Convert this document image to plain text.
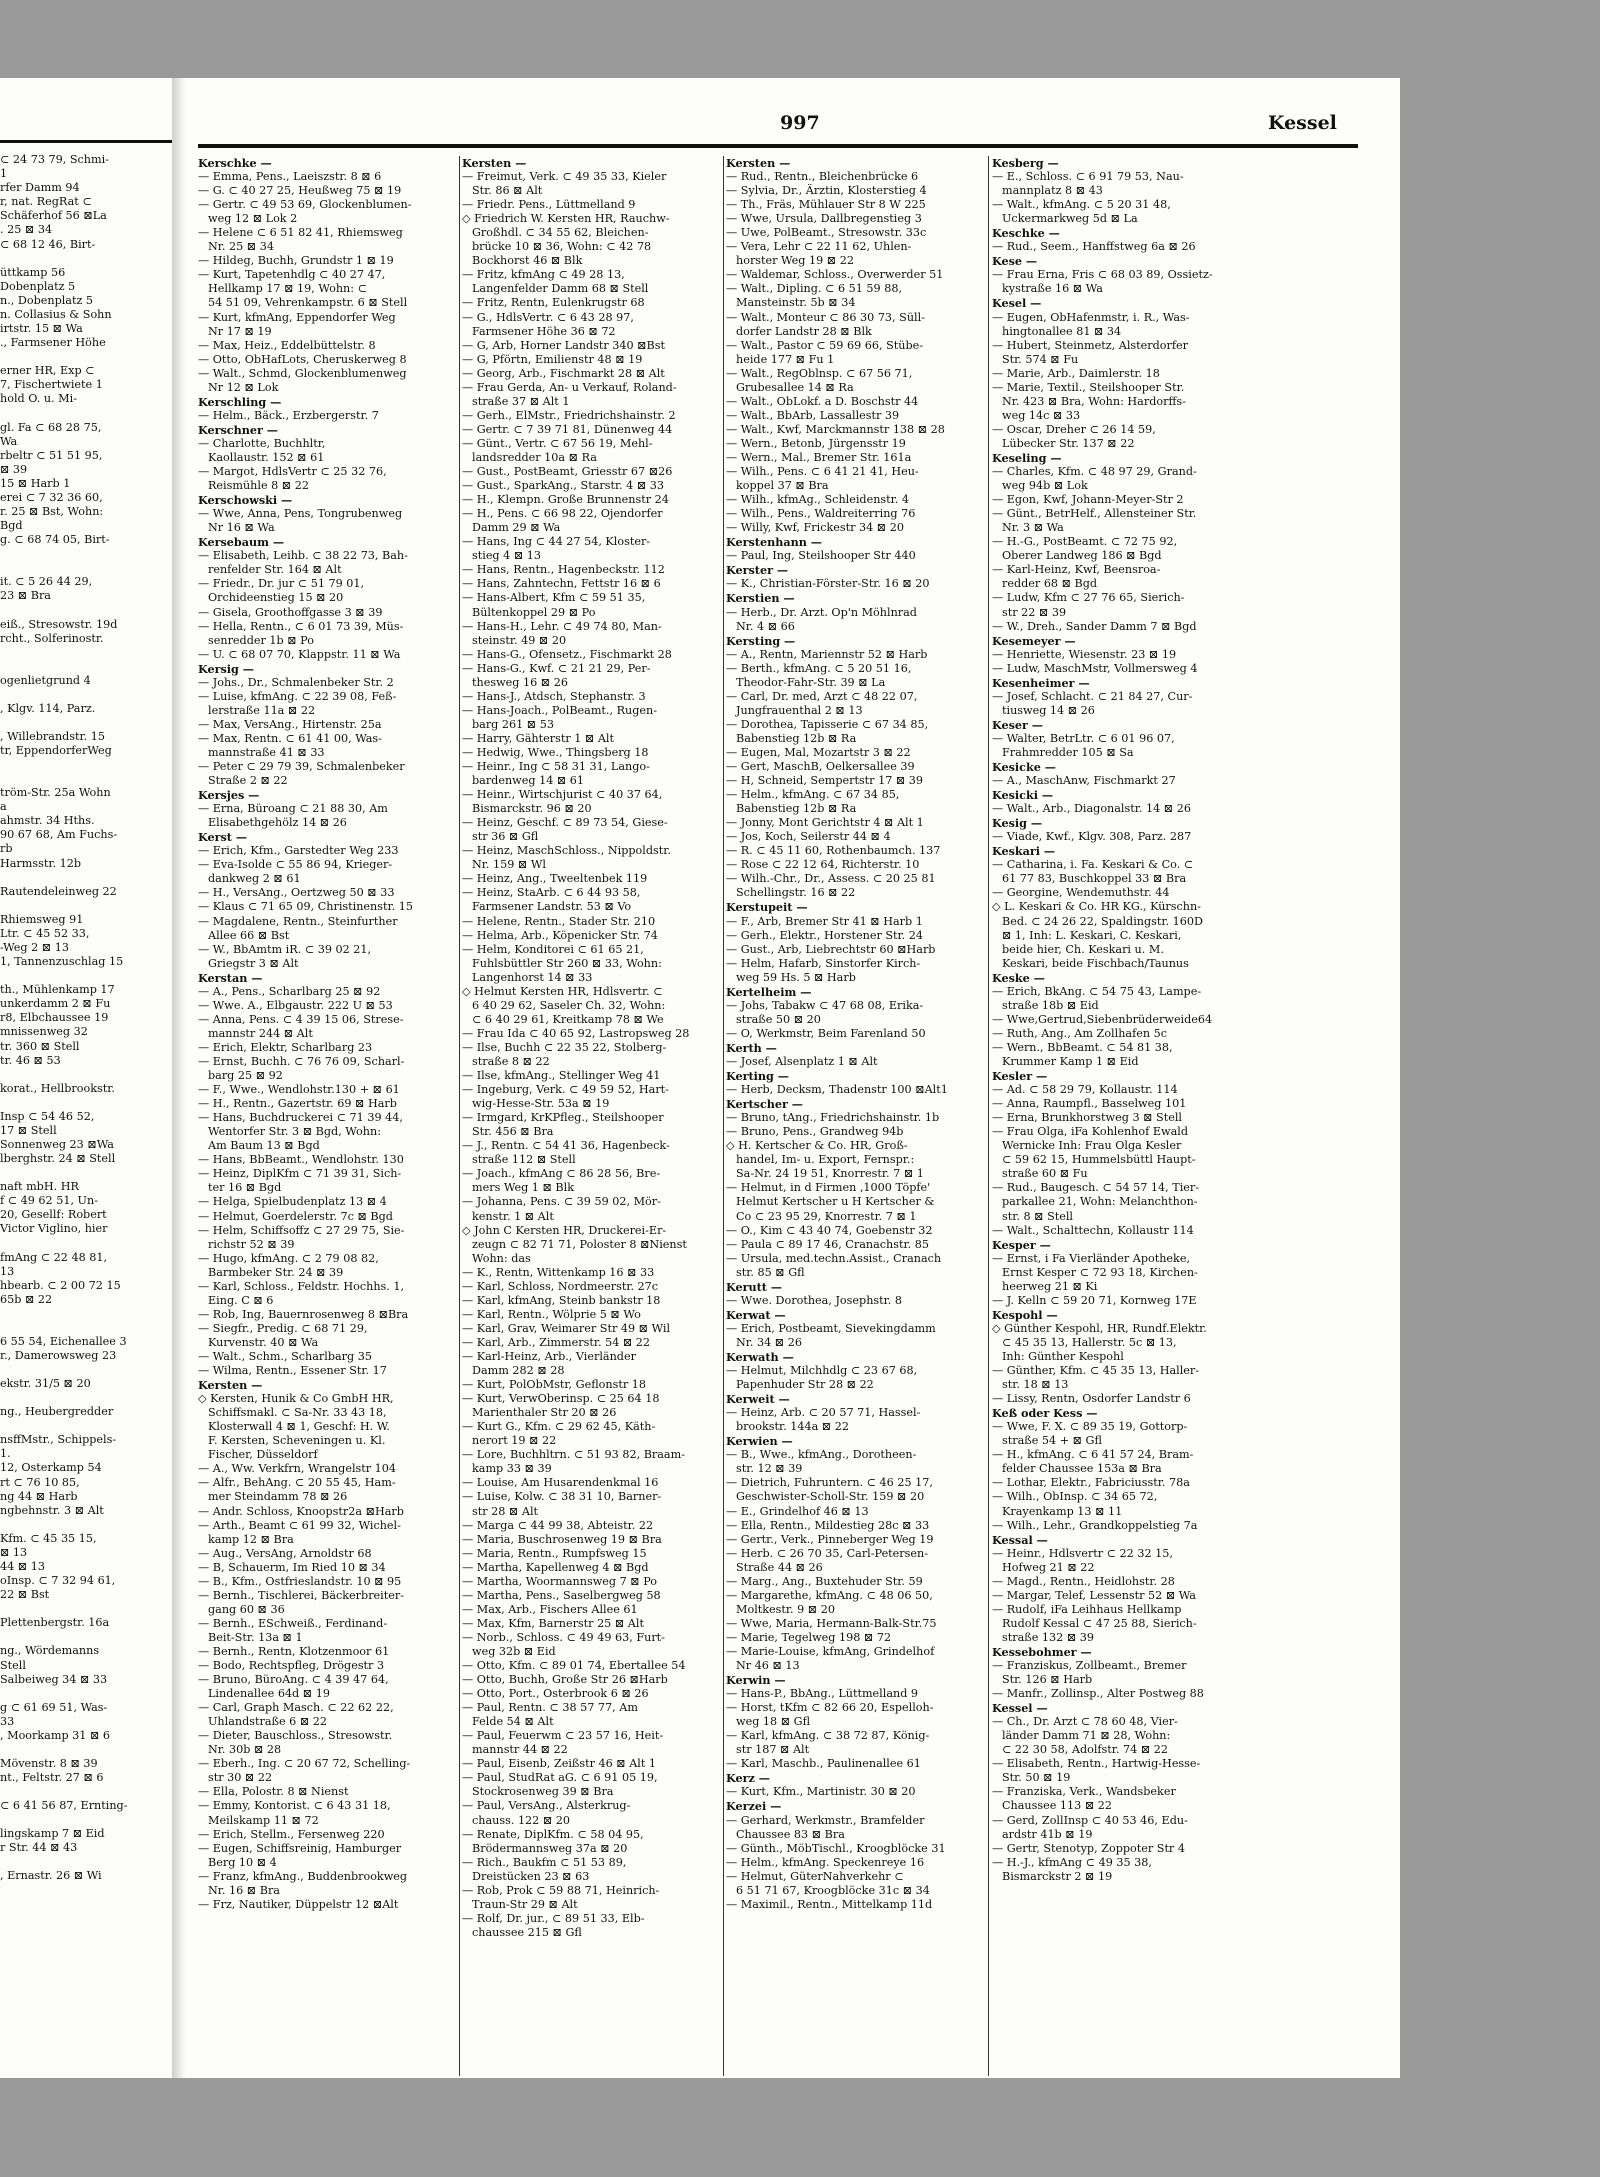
⊂ 24 73 79, Schmi-
1
rfer Damm 94
r, nat. RegRat ⊂
Schäferhof 56 ⊠La
. 25 ⊠ 34
⊂ 68 12 46, Birt-
üttkamp 56
Dobenplatz 5
n., Dobenplatz 5
n. Collasius & Sohn
irtstr. 15 ⊠ Wa
., Farmsener Höhe
erner HR, Exp ⊂
7, Fischertwiete 1
hold O. u. Mi-
gl. Fa ⊂ 68 28 75,
Wa
rbeltr ⊂ 51 51 95,
⊠ 39
15 ⊠ Harb 1
erei ⊂ 7 32 36 60,
r. 25 ⊠ Bst, Wohn:
Bgd
g. ⊂ 68 74 05, Birt-
it. ⊂ 5 26 44 29,
23 ⊠ Bra
eiß., Stresowstr. 19d
rcht., Solferinostr.
ogenlietgrund 4
, Klgv. 114, Parz.
, Willebrandstr. 15
tr, EppendorferWeg
tröm-Str. 25a Wohn
a
ahmstr. 34 Hths.
90 67 68, Am Fuchs-
rb
Harmsstr. 12b
Rautendeleinweg 22
Rhiemsweg 91
Ltr. ⊂ 45 52 33,
-Weg 2 ⊠ 13
1, Tannenzuschlag 15
th., Mühlenkamp 17
unkerdamm 2 ⊠ Fu
r8, Elbchaussee 19
mnissenweg 32
tr. 360 ⊠ Stell
tr. 46 ⊠ 53
korat., Hellbrookstr.
Insp ⊂ 54 46 52,
17 ⊠ Stell
Sonnenweg 23 ⊠Wa
lberghstr. 24 ⊠ Stell
naft mbH. HR
f ⊂ 49 62 51, Un-
20, Gesellf: Robert
Victor Viglino, hier
fmAng ⊂ 22 48 81,
13
hbearb. ⊂ 2 00 72 15
65b ⊠ 22
6 55 54, Eichenallee 3
r., Damerowsweg 23
ekstr. 31/5 ⊠ 20
ng., Heubergredder
nsffMstr., Schippels-
1.
12, Osterkamp 54
rt ⊂ 76 10 85,
ng 44 ⊠ Harb
ngbehnstr. 3 ⊠ Alt
Kfm. ⊂ 45 35 15,
⊠ 13
44 ⊠ 13
oInsp. ⊂ 7 32 94 61,
22 ⊠ Bst
Plettenbergstr. 16a
ng., Wördemanns
Stell
Salbeiweg 34 ⊠ 33
g ⊂ 61 69 51, Was-
33
, Moorkamp 31 ⊠ 6
Mövenstr. 8 ⊠ 39
nt., Feltstr. 27 ⊠ 6
⊂ 6 41 56 87, Ernting-
lingskamp 7 ⊠ Eid
r Str. 44 ⊠ 43
, Ernastr. 26 ⊠ Wi
997	Kessel
Kerschke —
— Emma, Pens., Laeiszstr. 8 ⊠ 6
— G. ⊂ 40 27 25, Heußweg 75 ⊠ 19
— Gertr. ⊂ 49 53 69, Glockenblumen-
weg 12 ⊠ Lok 2
— Helene ⊂ 6 51 82 41, Rhiemsweg
Nr. 25 ⊠ 34
— Hildeg, Buchh, Grundstr 1 ⊠ 19
— Kurt, Tapetenhdlg ⊂ 40 27 47,
Hellkamp 17 ⊠ 19, Wohn: ⊂
54 51 09, Vehrenkampstr. 6 ⊠ Stell
— Kurt, kfmAng, Eppendorfer Weg
Nr 17 ⊠ 19
— Max, Heiz., Eddelbüttelstr. 8
— Otto, ObHafLots, Cheruskerweg 8
— Walt., Schmd, Glockenblumenweg
Nr 12 ⊠ Lok
Kerschling —
— Helm., Bäck., Erzbergerstr. 7
Kerschner —
— Charlotte, Buchhltr,
Kaollaustr. 152 ⊠ 61
— Margot, HdlsVertr ⊂ 25 32 76,
Reismühle 8 ⊠ 22
Kerschowski —
— Wwe, Anna, Pens, Tongrubenweg
Nr 16 ⊠ Wa
Kersebaum —
— Elisabeth, Leihb. ⊂ 38 22 73, Bah-
renfelder Str. 164 ⊠ Alt
— Friedr., Dr. jur ⊂ 51 79 01,
Orchideenstieg 15 ⊠ 20
— Gisela, Groothoffgasse 3 ⊠ 39
— Hella, Rentn., ⊂ 6 01 73 39, Müs-
senredder 1b ⊠ Po
— U. ⊂ 68 07 70, Klappstr. 11 ⊠ Wa
Kersig —
— Johs., Dr., Schmalenbeker Str. 2
— Luise, kfmAng. ⊂ 22 39 08, Feß-
lerstraße 11a ⊠ 22
— Max, VersAng., Hirtenstr. 25a
— Max, Rentn. ⊂ 61 41 00, Was-
mannstraße 41 ⊠ 33
— Peter ⊂ 29 79 39, Schmalenbeker
Straße 2 ⊠ 22
Kersjes —
— Erna, Büroang ⊂ 21 88 30, Am
Elisabethgehölz 14 ⊠ 26
Kerst —
— Erich, Kfm., Garstedter Weg 233
— Eva-Isolde ⊂ 55 86 94, Krieger-
dankweg 2 ⊠ 61
— H., VersAng., Oertzweg 50 ⊠ 33
— Klaus ⊂ 71 65 09, Christinenstr. 15
— Magdalene, Rentn., Steinfurther
Allee 66 ⊠ Bst
— W., BbAmtm iR. ⊂ 39 02 21,
Griegstr 3 ⊠ Alt
Kerstan —
— A., Pens., Scharlbarg 25 ⊠ 92
— Wwe. A., Elbgaustr. 222 U ⊠ 53
— Anna, Pens. ⊂ 4 39 15 06, Strese-
mannstr 244 ⊠ Alt
— Erich, Elektr, Scharlbarg 23
— Ernst, Buchh. ⊂ 76 76 09, Scharl-
barg 25 ⊠ 92
— F., Wwe., Wendlohstr.130 + ⊠ 61
— H., Rentn., Gazertstr. 69 ⊠ Harb
— Hans, Buchdruckerei ⊂ 71 39 44,
Wentorfer Str. 3 ⊠ Bgd, Wohn:
Am Baum 13 ⊠ Bgd
— Hans, BbBeamt., Wendlohstr. 130
— Heinz, DiplKfm ⊂ 71 39 31, Sich-
ter 16 ⊠ Bgd
— Helga, Spielbudenplatz 13 ⊠ 4
— Helmut, Goerdelerstr. 7c ⊠ Bgd
— Helm, Schiffsoffz ⊂ 27 29 75, Sie-
richstr 52 ⊠ 39
— Hugo, kfmAng. ⊂ 2 79 08 82,
Barmbeker Str. 24 ⊠ 39
— Karl, Schloss., Feldstr. Hochhs. 1,
Eing. C ⊠ 6
— Rob, Ing, Bauernrosenweg 8 ⊠Bra
— Siegfr., Predig. ⊂ 68 71 29,
Kurvenstr. 40 ⊠ Wa
— Walt., Schm., Scharlbarg 35
— Wilma, Rentn., Essener Str. 17
Kersten —
◇ Kersten, Hunik & Co GmbH HR,
Schiffsmakl. ⊂ Sa-Nr. 33 43 18,
Klosterwall 4 ⊠ 1, Geschf: H. W.
F. Kersten, Scheveningen u. Kl.
Fischer, Düsseldorf
— A., Ww. Verkfrn, Wrangelstr 104
— Alfr., BehAng. ⊂ 20 55 45, Ham-
mer Steindamm 78 ⊠ 26
— Andr. Schloss, Knoopstr2a ⊠Harb
— Arth., Beamt ⊂ 61 99 32, Wichel-
kamp 12 ⊠ Bra
— Aug., VersAng, Arnoldstr 68
— B, Schauerm, Im Ried 10 ⊠ 34
— B., Kfm., Ostfrieslandstr. 10 ⊠ 95
— Bernh., Tischlerei, Bäckerbreiter-
gang 60 ⊠ 36
— Bernh., ESchweiß., Ferdinand-
Beit-Str. 13a ⊠ 1
— Bernh., Rentn, Klotzenmoor 61
— Bodo, Rechtspfleg, Drögestr 3
— Bruno, BüroAng. ⊂ 4 39 47 64,
Lindenallee 64d ⊠ 19
— Carl, Graph Masch. ⊂ 22 62 22,
Uhlandstraße 6 ⊠ 22
— Dieter, Bauschloss., Stresowstr.
Nr. 30b ⊠ 28
— Eberh., Ing. ⊂ 20 67 72, Schelling-
str 30 ⊠ 22
— Ella, Polostr. 8 ⊠ Nienst
— Emmy, Kontorist. ⊂ 6 43 31 18,
Meilskamp 11 ⊠ 72
— Erich, Stellm., Fersenweg 220
— Eugen, Schiffsreinig, Hamburger
Berg 10 ⊠ 4
— Franz, kfmAng., Buddenbrookweg
Nr. 16 ⊠ Bra
— Frz, Nautiker, Düppelstr 12 ⊠Alt
Kersten —
— Freimut, Verk. ⊂ 49 35 33, Kieler
Str. 86 ⊠ Alt
— Friedr. Pens., Lüttmelland 9
◇ Friedrich W. Kersten HR, Rauchw-
Großhdl. ⊂ 34 55 62, Bleichen-
brücke 10 ⊠ 36, Wohn: ⊂ 42 78
Bockhorst 46 ⊠ Blk
— Fritz, kfmAng ⊂ 49 28 13,
Langenfelder Damm 68 ⊠ Stell
— Fritz, Rentn, Eulenkrugstr 68
— G., HdlsVertr. ⊂ 6 43 28 97,
Farmsener Höhe 36 ⊠ 72
— G, Arb, Horner Landstr 340 ⊠Bst
— G, Pförtn, Emilienstr 48 ⊠ 19
— Georg, Arb., Fischmarkt 28 ⊠ Alt
— Frau Gerda, An- u Verkauf, Roland-
straße 37 ⊠ Alt 1
— Gerh., ElMstr., Friedrichshainstr. 2
— Gertr. ⊂ 7 39 71 81, Dünenweg 44
— Günt., Vertr. ⊂ 67 56 19, Mehl-
landsredder 10a ⊠ Ra
— Gust., PostBeamt, Griesstr 67 ⊠26
— Gust., SparkAng., Starstr. 4 ⊠ 33
— H., Klempn. Große Brunnenstr 24
— H., Pens. ⊂ 66 98 22, Ojendorfer
Damm 29 ⊠ Wa
— Hans, Ing ⊂ 44 27 54, Kloster-
stieg 4 ⊠ 13
— Hans, Rentn., Hagenbeckstr. 112
— Hans, Zahntechn, Fettstr 16 ⊠ 6
— Hans-Albert, Kfm ⊂ 59 51 35,
Bültenkoppel 29 ⊠ Po
— Hans-H., Lehr. ⊂ 49 74 80, Man-
steinstr. 49 ⊠ 20
— Hans-G., Ofensetz., Fischmarkt 28
— Hans-G., Kwf. ⊂ 21 21 29, Per-
thesweg 16 ⊠ 26
— Hans-J., Atdsch, Stephanstr. 3
— Hans-Joach., PolBeamt., Rugen-
barg 261 ⊠ 53
— Harry, Gähterstr 1 ⊠ Alt
— Hedwig, Wwe., Thingsberg 18
— Heinr., Ing ⊂ 58 31 31, Lango-
bardenweg 14 ⊠ 61
— Heinr., Wirtschjurist ⊂ 40 37 64,
Bismarckstr. 96 ⊠ 20
— Heinz, Geschf. ⊂ 89 73 54, Giese-
str 36 ⊠ Gfl
— Heinz, MaschSchloss., Nippoldstr.
Nr. 159 ⊠ Wl
— Heinz, Ang., Tweeltenbek 119
— Heinz, StaArb. ⊂ 6 44 93 58,
Farmsener Landstr. 53 ⊠ Vo
— Helene, Rentn., Stader Str. 210
— Helma, Arb., Köpenicker Str. 74
— Helm, Konditorei ⊂ 61 65 21,
Fuhlsbüttler Str 260 ⊠ 33, Wohn:
Langenhorst 14 ⊠ 33
◇ Helmut Kersten HR, Hdlsvertr. ⊂
6 40 29 62, Saseler Ch. 32, Wohn:
⊂ 6 40 29 61, Kreitkamp 78 ⊠ We
— Frau Ida ⊂ 40 65 92, Lastropsweg 28
— Ilse, Buchh ⊂ 22 35 22, Stolberg-
straße 8 ⊠ 22
— Ilse, kfmAng., Stellinger Weg 41
— Ingeburg, Verk. ⊂ 49 59 52, Hart-
wig-Hesse-Str. 53a ⊠ 19
— Irmgard, KrKPfleg., Steilshooper
Str. 456 ⊠ Bra
— J., Rentn. ⊂ 54 41 36, Hagenbeck-
straße 112 ⊠ Stell
— Joach., kfmAng ⊂ 86 28 56, Bre-
mers Weg 1 ⊠ Blk
— Johanna, Pens. ⊂ 39 59 02, Mör-
kenstr. 1 ⊠ Alt
◇ John C Kersten HR, Druckerei-Er-
zeugn ⊂ 82 71 71, Poloster 8 ⊠Nienst
Wohn: das
— K., Rentn, Wittenkamp 16 ⊠ 33
— Karl, Schloss, Nordmeerstr. 27c
— Karl, kfmAng, Steinb bankstr 18
— Karl, Rentn., Wölprie 5 ⊠ Wo
— Karl, Grav, Weimarer Str 49 ⊠ Wil
— Karl, Arb., Zimmerstr. 54 ⊠ 22
— Karl-Heinz, Arb., Vierländer
Damm 282 ⊠ 28
— Kurt, PolObMstr, Geflonstr 18
— Kurt, VerwOberinsp. ⊂ 25 64 18
Marienthaler Str 20 ⊠ 26
— Kurt G., Kfm. ⊂ 29 62 45, Käth-
nerort 19 ⊠ 22
— Lore, Buchhltrn. ⊂ 51 93 82, Braam-
kamp 33 ⊠ 39
— Louise, Am Husarendenkmal 16
— Luise, Kolw. ⊂ 38 31 10, Barner-
str 28 ⊠ Alt
— Marga ⊂ 44 99 38, Abteistr. 22
— Maria, Buschrosenweg 19 ⊠ Bra
— Maria, Rentn., Rumpfsweg 15
— Martha, Kapellenweg 4 ⊠ Bgd
— Martha, Woormannsweg 7 ⊠ Po
— Martha, Pens., Saselbergweg 58
— Max, Arb., Fischers Allee 61
— Max, Kfm, Barnerstr 25 ⊠ Alt
— Norb., Schloss. ⊂ 49 49 63, Furt-
weg 32b ⊠ Eid
— Otto, Kfm. ⊂ 89 01 74, Ebertallee 54
— Otto, Buchh, Große Str 26 ⊠Harb
— Otto, Port., Osterbrook 6 ⊠ 26
— Paul, Rentn. ⊂ 38 57 77, Am
Felde 54 ⊠ Alt
— Paul, Feuerwm ⊂ 23 57 16, Heit-
mannstr 44 ⊠ 22
— Paul, Eisenb, Zeißstr 46 ⊠ Alt 1
— Paul, StudRat aG. ⊂ 6 91 05 19,
Stockrosenweg 39 ⊠ Bra
— Paul, VersAng., Alsterkrug-
chauss. 122 ⊠ 20
— Renate, DiplKfm. ⊂ 58 04 95,
Brödermannsweg 37a ⊠ 20
— Rich., Baukfm ⊂ 51 53 89,
Dreistücken 23 ⊠ 63
— Rob, Prok ⊂ 59 88 71, Heinrich-
Traun-Str 29 ⊠ Alt
— Rolf, Dr. jur., ⊂ 89 51 33, Elb-
chaussee 215 ⊠ Gfl
Kersten —
— Rud., Rentn., Bleichenbrücke 6
— Sylvia, Dr., Ärztin, Klosterstieg 4
— Th., Fräs, Mühlauer Str 8 W 225
— Wwe, Ursula, Dallbregenstieg 3
— Uwe, PolBeamt., Stresowstr. 33c
— Vera, Lehr ⊂ 22 11 62, Uhlen-
horster Weg 19 ⊠ 22
— Waldemar, Schloss., Overwerder 51
— Walt., Dipling. ⊂ 6 51 59 88,
Mansteinstr. 5b ⊠ 34
— Walt., Monteur ⊂ 86 30 73, Süll-
dorfer Landstr 28 ⊠ Blk
— Walt., Pastor ⊂ 59 69 66, Stübe-
heide 177 ⊠ Fu 1
— Walt., RegOblnsp. ⊂ 67 56 71,
Grubesallee 14 ⊠ Ra
— Walt., ObLokf. a D. Boschstr 44
— Walt., BbArb, Lassallestr 39
— Walt., Kwf, Marckmannstr 138 ⊠ 28
— Wern., Betonb, Jürgensstr 19
— Wern., Mal., Bremer Str. 161a
— Wilh., Pens. ⊂ 6 41 21 41, Heu-
koppel 37 ⊠ Bra
— Wilh., kfmAg., Schleidenstr. 4
— Wilh., Pens., Waldreiterring 76
— Willy, Kwf, Frickestr 34 ⊠ 20
Kerstenhann —
— Paul, Ing, Steilshooper Str 440
Kerster —
— K., Christian-Förster-Str. 16 ⊠ 20
Kerstien —
— Herb., Dr. Arzt. Op'n Möhlnrad
Nr. 4 ⊠ 66
Kersting —
— A., Rentn, Mariennstr 52 ⊠ Harb
— Berth., kfmAng. ⊂ 5 20 51 16,
Theodor-Fahr-Str. 39 ⊠ La
— Carl, Dr. med, Arzt ⊂ 48 22 07,
Jungfrauenthal 2 ⊠ 13
— Dorothea, Tapisserie ⊂ 67 34 85,
Babenstieg 12b ⊠ Ra
— Eugen, Mal, Mozartstr 3 ⊠ 22
— Gert, MaschB, Oelkersallee 39
— H, Schneid, Sempertstr 17 ⊠ 39
— Helm., kfmAng. ⊂ 67 34 85,
Babenstieg 12b ⊠ Ra
— Jonny, Mont Gerichtstr 4 ⊠ Alt 1
— Jos, Koch, Seilerstr 44 ⊠ 4
— R. ⊂ 45 11 60, Rothenbaumch. 137
— Rose ⊂ 22 12 64, Richterstr. 10
— Wilh.-Chr., Dr., Assess. ⊂ 20 25 81
Schellingstr. 16 ⊠ 22
Kerstupeit —
— F., Arb, Bremer Str 41 ⊠ Harb 1
— Gerh., Elektr., Horstener Str. 24
— Gust., Arb, Liebrechtstr 60 ⊠Harb
— Helm, Hafarb, Sinstorfer Kirch-
weg 59 Hs. 5 ⊠ Harb
Kertelheim —
— Johs, Tabakw ⊂ 47 68 08, Erika-
straße 50 ⊠ 20
— O, Werkmstr, Beim Farenland 50
Kerth —
— Josef, Alsenplatz 1 ⊠ Alt
Kerting —
— Herb, Decksm, Thadenstr 100 ⊠Alt1
Kertscher —
— Bruno, tAng., Friedrichshainstr. 1b
— Bruno, Pens., Grandweg 94b
◇ H. Kertscher & Co. HR, Groß-
handel, Im- u. Export, Fernspr.:
Sa-Nr. 24 19 51, Knorrestr. 7 ⊠ 1
— Helmut, in d Firmen ‚1000 Töpfe'
Helmut Kertscher u H Kertscher &
Co ⊂ 23 95 29, Knorrestr. 7 ⊠ 1
— O., Kim ⊂ 43 40 74, Goebenstr 32
— Paula ⊂ 89 17 46, Cranachstr. 85
— Ursula, med.techn.Assist., Cranach
str. 85 ⊠ Gfl
Kerutt —
— Wwe. Dorothea, Josephstr. 8
Kerwat —
— Erich, Postbeamt, Sievekingdamm
Nr. 34 ⊠ 26
Kerwath —
— Helmut, Milchhdlg ⊂ 23 67 68,
Papenhuder Str 28 ⊠ 22
Kerweit —
— Heinz, Arb. ⊂ 20 57 71, Hassel-
brookstr. 144a ⊠ 22
Kerwien —
— B., Wwe., kfmAng., Dorotheen-
str. 12 ⊠ 39
— Dietrich, Fuhruntern. ⊂ 46 25 17,
Geschwister-Scholl-Str. 159 ⊠ 20
— E., Grindelhof 46 ⊠ 13
— Ella, Rentn., Mildestieg 28c ⊠ 33
— Gertr., Verk., Pinneberger Weg 19
— Herb. ⊂ 26 70 35, Carl-Petersen-
Straße 44 ⊠ 26
— Marg., Ang., Buxtehuder Str. 59
— Margarethe, kfmAng. ⊂ 48 06 50,
Moltkestr. 9 ⊠ 20
— Wwe, Maria, Hermann-Balk-Str.75
— Marie, Tegelweg 198 ⊠ 72
— Marie-Louise, kfmAng, Grindelhof
Nr 46 ⊠ 13
Kerwin —
— Hans-P., BbAng., Lüttmelland 9
— Horst, tKfm ⊂ 82 66 20, Espelloh-
weg 18 ⊠ Gfl
— Karl, kfmAng. ⊂ 38 72 87, König-
str 187 ⊠ Alt
— Karl, Maschb., Paulinenallee 61
Kerz —
— Kurt, Kfm., Martinistr. 30 ⊠ 20
Kerzei —
— Gerhard, Werkmstr., Bramfelder
Chaussee 83 ⊠ Bra
— Günth., MöbTischl., Kroogblöcke 31
— Helm., kfmAng. Speckenreye 16
— Helmut, GüterNahverkehr ⊂
6 51 71 67, Kroogblöcke 31c ⊠ 34
— Maximil., Rentn., Mittelkamp 11d
Kesberg —
— E., Schloss. ⊂ 6 91 79 53, Nau-
mannplatz 8 ⊠ 43
— Walt., kfmAng. ⊂ 5 20 31 48,
Uckermarkweg 5d ⊠ La
Keschke —
— Rud., Seem., Hanffstweg 6a ⊠ 26
Kese —
— Frau Erna, Fris ⊂ 68 03 89, Ossietz-
kystraße 16 ⊠ Wa
Kesel —
— Eugen, ObHafenmstr, i. R., Was-
hingtonallee 81 ⊠ 34
— Hubert, Steinmetz, Alsterdorfer
Str. 574 ⊠ Fu
— Marie, Arb., Daimlerstr. 18
— Marie, Textil., Steilshooper Str.
Nr. 423 ⊠ Bra, Wohn: Hardorffs-
weg 14c ⊠ 33
— Oscar, Dreher ⊂ 26 14 59,
Lübecker Str. 137 ⊠ 22
Keseling —
— Charles, Kfm. ⊂ 48 97 29, Grand-
weg 94b ⊠ Lok
— Egon, Kwf, Johann-Meyer-Str 2
— Günt., BetrHelf., Allensteiner Str.
Nr. 3 ⊠ Wa
— H.-G., PostBeamt. ⊂ 72 75 92,
Oberer Landweg 186 ⊠ Bgd
— Karl-Heinz, Kwf, Beensroa-
redder 68 ⊠ Bgd
— Ludw, Kfm ⊂ 27 76 65, Sierich-
str 22 ⊠ 39
— W., Dreh., Sander Damm 7 ⊠ Bgd
Kesemeyer —
— Henriette, Wiesenstr. 23 ⊠ 19
— Ludw, MaschMstr, Vollmersweg 4
Kesenheimer —
— Josef, Schlacht. ⊂ 21 84 27, Cur-
tiusweg 14 ⊠ 26
Keser —
— Walter, BetrLtr. ⊂ 6 01 96 07,
Frahmredder 105 ⊠ Sa
Kesicke —
— A., MaschAnw, Fischmarkt 27
Kesicki —
— Walt., Arb., Diagonalstr. 14 ⊠ 26
Kesig —
— Viade, Kwf., Klgv. 308, Parz. 287
Keskari —
— Catharina, i. Fa. Keskari & Co. ⊂
61 77 83, Buschkoppel 33 ⊠ Bra
— Georgine, Wendemuthstr. 44
◇ L. Keskari & Co. HR KG., Kürschn-
Bed. ⊂ 24 26 22, Spaldingstr. 160D
⊠ 1, Inh: L. Keskari, C. Keskari,
beide hier, Ch. Keskari u. M.
Keskari, beide Fischbach/Taunus
Keske —
— Erich, BkAng. ⊂ 54 75 43, Lampe-
straße 18b ⊠ Eid
— Wwe,Gertrud,Siebenbrüderweide64
— Ruth, Ang., Am Zollhafen 5c
— Wern., BbBeamt. ⊂ 54 81 38,
Krummer Kamp 1 ⊠ Eid
Kesler —
— Ad. ⊂ 58 29 79, Kollaustr. 114
— Anna, Raumpfl., Basselweg 101
— Erna, Brunkhorstweg 3 ⊠ Stell
— Frau Olga, iFa Kohlenhof Ewald
Wernicke Inh: Frau Olga Kesler
⊂ 59 62 15, Hummelsbüttl Haupt-
straße 60 ⊠ Fu
— Rud., Baugesch. ⊂ 54 57 14, Tier-
parkallee 21, Wohn: Melanchthon-
str. 8 ⊠ Stell
— Walt., Schalttechn, Kollaustr 114
Kesper —
— Ernst, i Fa Vierländer Apotheke,
Ernst Kesper ⊂ 72 93 18, Kirchen-
heerweg 21 ⊠ Ki
— J. Kelln ⊂ 59 20 71, Kornweg 17E
Kespohl —
◇ Günther Kespohl, HR, Rundf.Elektr.
⊂ 45 35 13, Hallerstr. 5c ⊠ 13,
Inh: Günther Kespohl
— Günther, Kfm. ⊂ 45 35 13, Haller-
str. 18 ⊠ 13
— Lissy, Rentn, Osdorfer Landstr 6
Keß oder Kess —
— Wwe, F. X. ⊂ 89 35 19, Gottorp-
straße 54 + ⊠ Gfl
— H., kfmAng. ⊂ 6 41 57 24, Bram-
felder Chaussee 153a ⊠ Bra
— Lothar, Elektr., Fabriciusstr. 78a
— Wilh., ObInsp. ⊂ 34 65 72,
Krayenkamp 13 ⊠ 11
— Wilh., Lehr., Grandkoppelstieg 7a
Kessal —
— Heinr., Hdlsvertr ⊂ 22 32 15,
Hofweg 21 ⊠ 22
— Magd., Rentn., Heidlohstr. 28
— Margar, Telef, Lessenstr 52 ⊠ Wa
— Rudolf, iFa Leihhaus Hellkamp
Rudolf Kessal ⊂ 47 25 88, Sierich-
straße 132 ⊠ 39
Kessebohmer —
— Franziskus, Zollbeamt., Bremer
Str. 126 ⊠ Harb
— Manfr., Zollinsp., Alter Postweg 88
Kessel —
— Ch., Dr. Arzt ⊂ 78 60 48, Vier-
länder Damm 71 ⊠ 28, Wohn:
⊂ 22 30 58, Adolfstr. 74 ⊠ 22
— Elisabeth, Rentn., Hartwig-Hesse-
Str. 50 ⊠ 19
— Franziska, Verk., Wandsbeker
Chaussee 113 ⊠ 22
— Gerd, ZollInsp ⊂ 40 53 46, Edu-
ardstr 41b ⊠ 19
— Gertr, Stenotyp, Zoppoter Str 4
— H.-J., kfmAng ⊂ 49 35 38,
Bismarckstr 2 ⊠ 19
